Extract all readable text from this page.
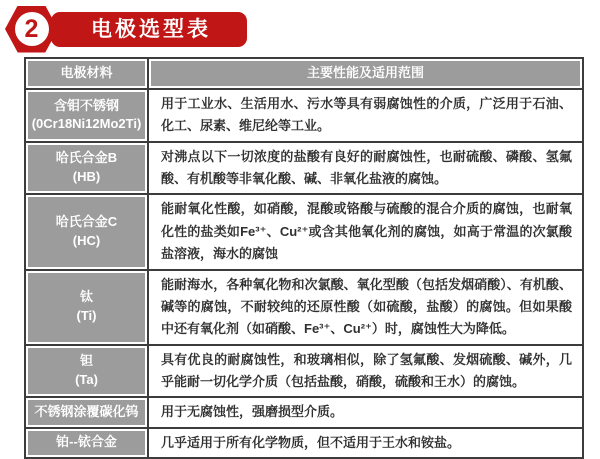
2	电极选型表
电极材料	主要性能及适用范围

含钼不锈钢
(0Cr18Ni12Mo2Ti)	用于工业水、生活用水、污水等具有弱腐蚀性的介质，广泛用于石油、化工、尿素、维尼纶等工业。

哈氏合金B
(HB)	对沸点以下一切浓度的盐酸有良好的耐腐蚀性，也耐硫酸、磷酸、氢氟酸、有机酸等非氧化酸、碱、非氧化盐液的腐蚀。

哈氏合金C
(HC)	能耐氧化性酸，如硝酸，混酸或铬酸与硫酸的混合介质的腐蚀，也耐氧化性的盐类如Fe³⁺、Cu²⁺或含其他氧化剂的腐蚀，如高于常温的次氯酸盐溶液，海水的腐蚀

钛
(Ti)	能耐海水，各种氧化物和次氯酸、氧化型酸（包括发烟硝酸）、有机酸、碱等的腐蚀，不耐较纯的还原性酸（如硫酸，盐酸）的腐蚀。但如果酸中还有氧化剂（如硝酸、Fe³⁺、Cu²⁺）时，腐蚀性大为降低。

钽
(Ta)	具有优良的耐腐蚀性，和玻璃相似，除了氢氟酸、发烟硫酸、碱外，几乎能耐一切化学介质（包括盐酸，硝酸，硫酸和王水）的腐蚀。

不锈钢涂覆碳化钨	用于无腐蚀性，强磨损型介质。

铂--铱合金	几乎适用于所有化学物质，但不适用于王水和铵盐。
